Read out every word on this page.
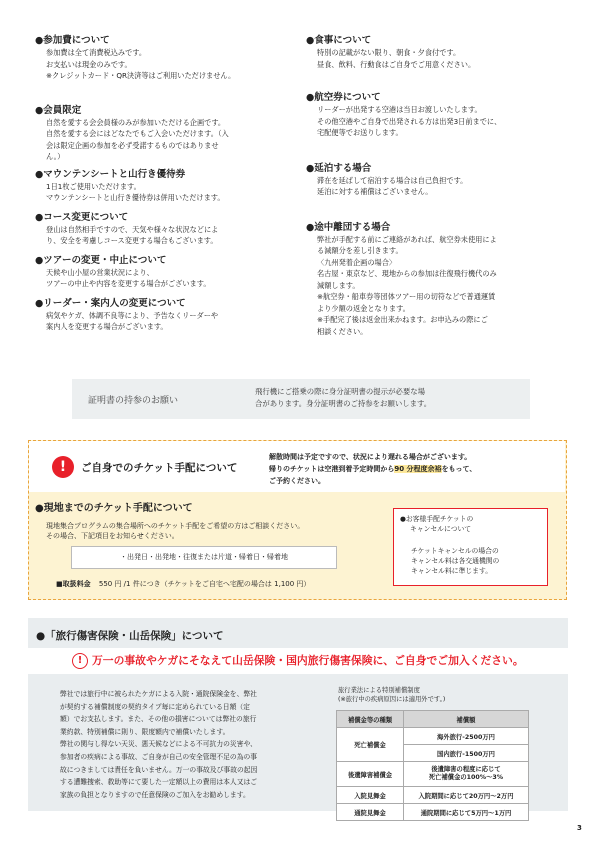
●参加費について
参加費は全て消費税込みです。
お支払いは現金のみです。
※クレジットカード・QR決済等はご利用いただけません。
●会員限定
自然を愛する会会員様のみが参加いただける企画です。
自然を愛する会にはどなたでもご入会いただけます。（入
会は限定企画の参加を必ず受諾するものではありませ
ん。）
●マウンテンシートと山行き優待券
1日1枚ご使用いただけます。
マウンテンシートと山行き優待券は併用いただけます。
●コース変更について
登山は自然相手ですので、天気や様々な状況などによ
り、安全を考慮しコース変更する場合もございます。
●ツアーの変更・中止について
天候や山小屋の営業状況により、
ツアーの中止や内容を変更する場合がございます。
●リーダー・案内人の変更について
病気やケガ、体調不良等により、予告なくリーダーや
案内人を変更する場合がございます。
●食事について
特別の記載がない限り、朝食・夕食付です。
昼食、飲料、行動食はご自身でご用意ください。
●航空券について
リーダーが出発する空港は当日お渡しいたします。
その他空港やご自身で出発される方は出発3日前までに、
宅配便等でお送りします。
●延泊する場合
滞在を延ばして宿泊する場合は自己負担です。
延泊に対する補償はございません。
●途中離団する場合
弊社が手配する前にご連絡があれば、航空券未使用によ
る減額分を差し引きます。
〈九州発着企画の場合〉
名古屋・東京など、現地からの参加は往復飛行機代のみ
減額します。
※航空券・船車券等団体ツアー用の切符などで普通運賃
より少額の返金となります。
※手配完了後は返金出来かねます。お申込みの際にご
相談ください。
証明書の持参のお願い
飛行機にご搭乗の際に身分証明書の提示が必要な場
合があります。身分証明書のご持参をお願いします。
!	ご自身でのチケット手配について
解散時間は予定ですので、状況により遅れる場合がございます。
帰りのチケットは空港到着予定時間から90 分程度余裕をもって、
ご予約ください。
●現地までのチケット手配について
現地集合プログラムの集合場所へのチケット手配をご希望の方はご相談ください。
その場合、下記項目をお知らせください。
・出発日・出発地・往復または片道・帰着日・帰着地
■取扱料金 550 円 /1 件につき（チケットをご自宅へ宅配の場合は 1,100 円）
●お客様手配チケットの
キャンセルについて
チケットキャンセルの場合の
キャンセル料は各交通機関の
キャンセル料に準じます。
●「旅行傷害保険・山岳保険」について
! 万一の事故やケガにそなえて山岳保険・国内旅行傷害保険に、ご自身でご加入ください。
弊社では旅行中に被られたケガによる入院・通院保険金を、弊社
が契約する補償制度の契約タイプ毎に定められている日額（定
額）でお支払します。また、その他の損害については弊社の旅行
業約款、特別補償に則り、限度額内で補償いたします。
弊社の関与し得ない天災、悪天候などによる不可抗力の災害や、
参加者の疾病による事故、ご自身が自己の安全管理不足の為の事
故につきましては責任を負いません。万一の事故及び事故の起因
する遭難捜索、救助等にて要した一定額以上の費用は本人又はご
家族の負担となりますので任意保険のご加入をお勧めします。
旅行業法による特別補償制度
(※旅行中の疾病原因には適用外です。)
補償金等の種類	補償額
死亡補償金	海外旅行-2500万円
	国内旅行-1500万円
後遺障害補償金	後遺障害の程度に応じて
死亡補償金の100%～3%

入院見舞金	入院期間に応じて20万円～2万円
通院見舞金	通院期間に応じて5万円～1万円
3
